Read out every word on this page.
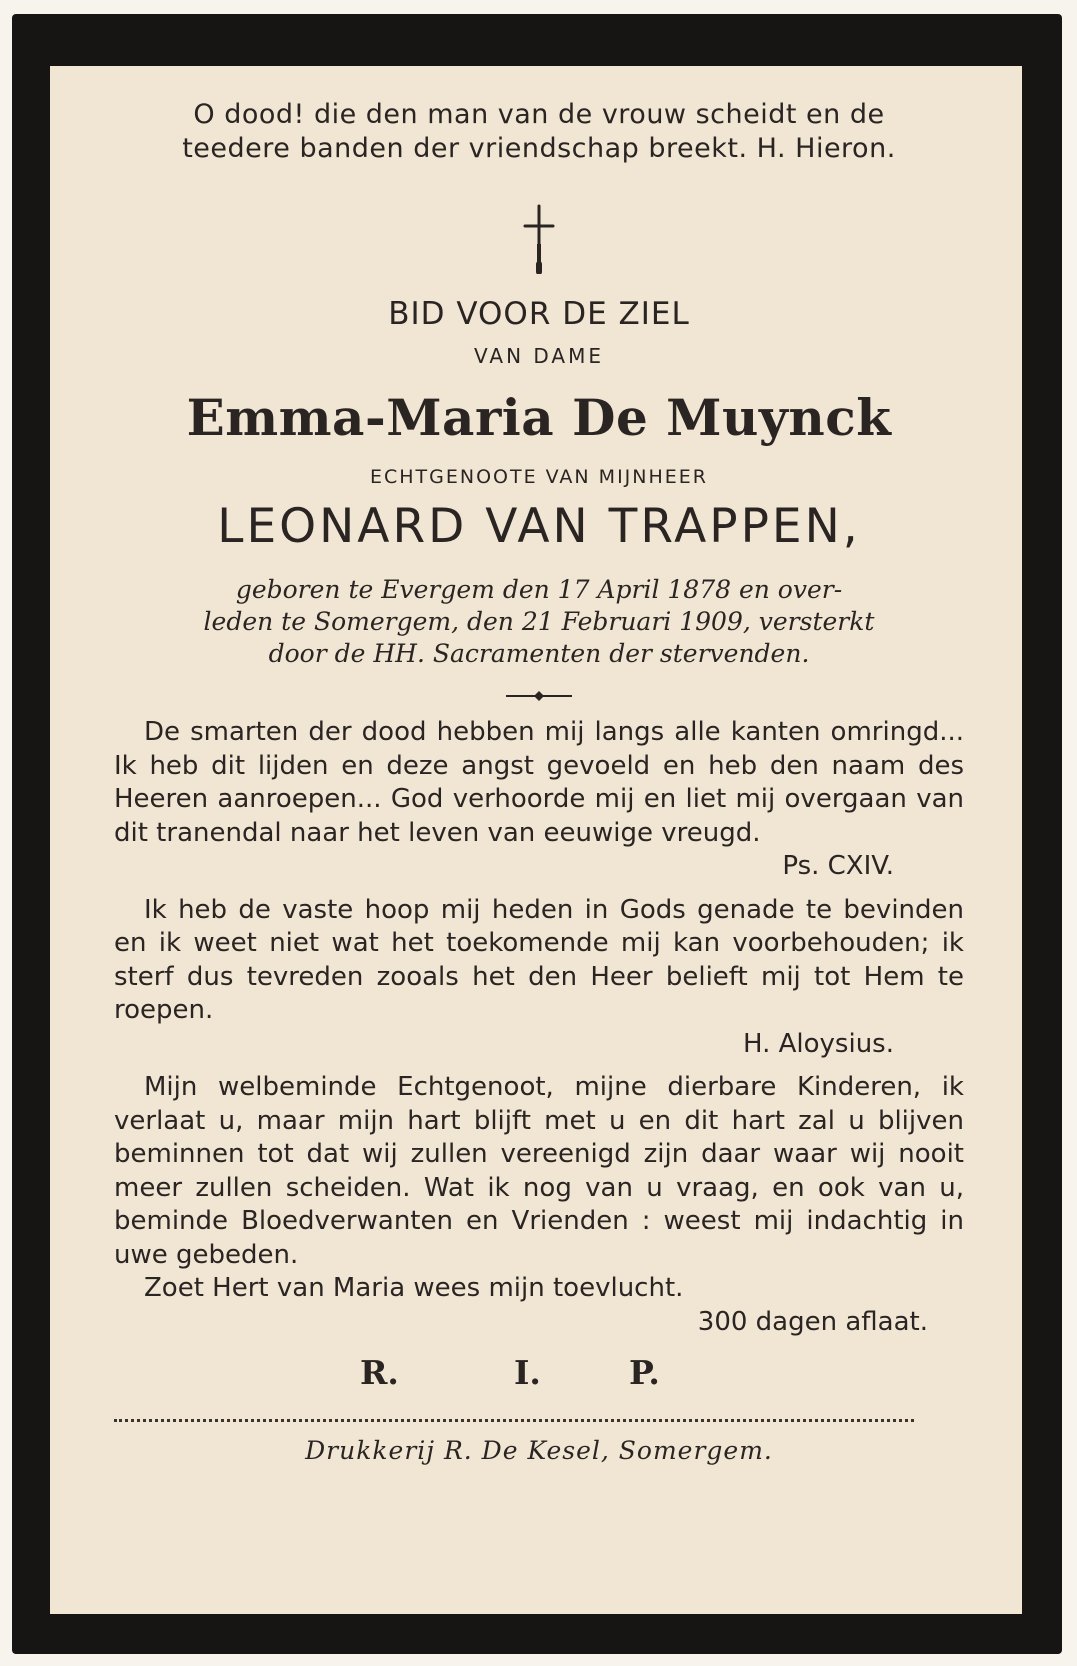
O dood! die den man van de vrouw scheidt en de
teedere banden der vriendschap breekt. H. Hieron.
BID VOOR DE ZIEL
VAN DAME
Emma-Maria De Muynck
ECHTGENOOTE VAN MIJNHEER
LEONARD VAN TRAPPEN,
geboren te Evergem den 17 April 1878 en over-
leden te Somergem, den 21 Februari 1909, versterkt
door de HH. Sacramenten der stervenden.

De smarten der dood hebben mij langs alle kanten omringd... Ik heb dit lijden en deze angst gevoeld en heb den naam des Heeren aanroepen... God verhoorde mij en liet mij overgaan van dit tranendal naar het leven van eeuwige vreugd.

Ps. CXIV.

Ik heb de vaste hoop mij heden in Gods genade te bevinden en ik weet niet wat het toekomende mij kan voorbehouden; ik sterf dus tevreden zooals het den Heer belieft mij tot Hem te roepen.

H. Aloysius.

Mijn welbeminde Echtgenoot, mijne dierbare Kinderen, ik verlaat u, maar mijn hart blijft met u en dit hart zal u blijven beminnen tot dat wij zullen vereenigd zijn daar waar wij nooit meer zullen scheiden. Wat ik nog van u vraag, en ook van u, beminde Bloedverwanten en Vrienden : weest mij indachtig in uwe gebeden.

Zoet Hert van Maria wees mijn toevlucht.

300 dagen aflaat.

R.	I.	P.
Drukkerij R. De Kesel, Somergem.
